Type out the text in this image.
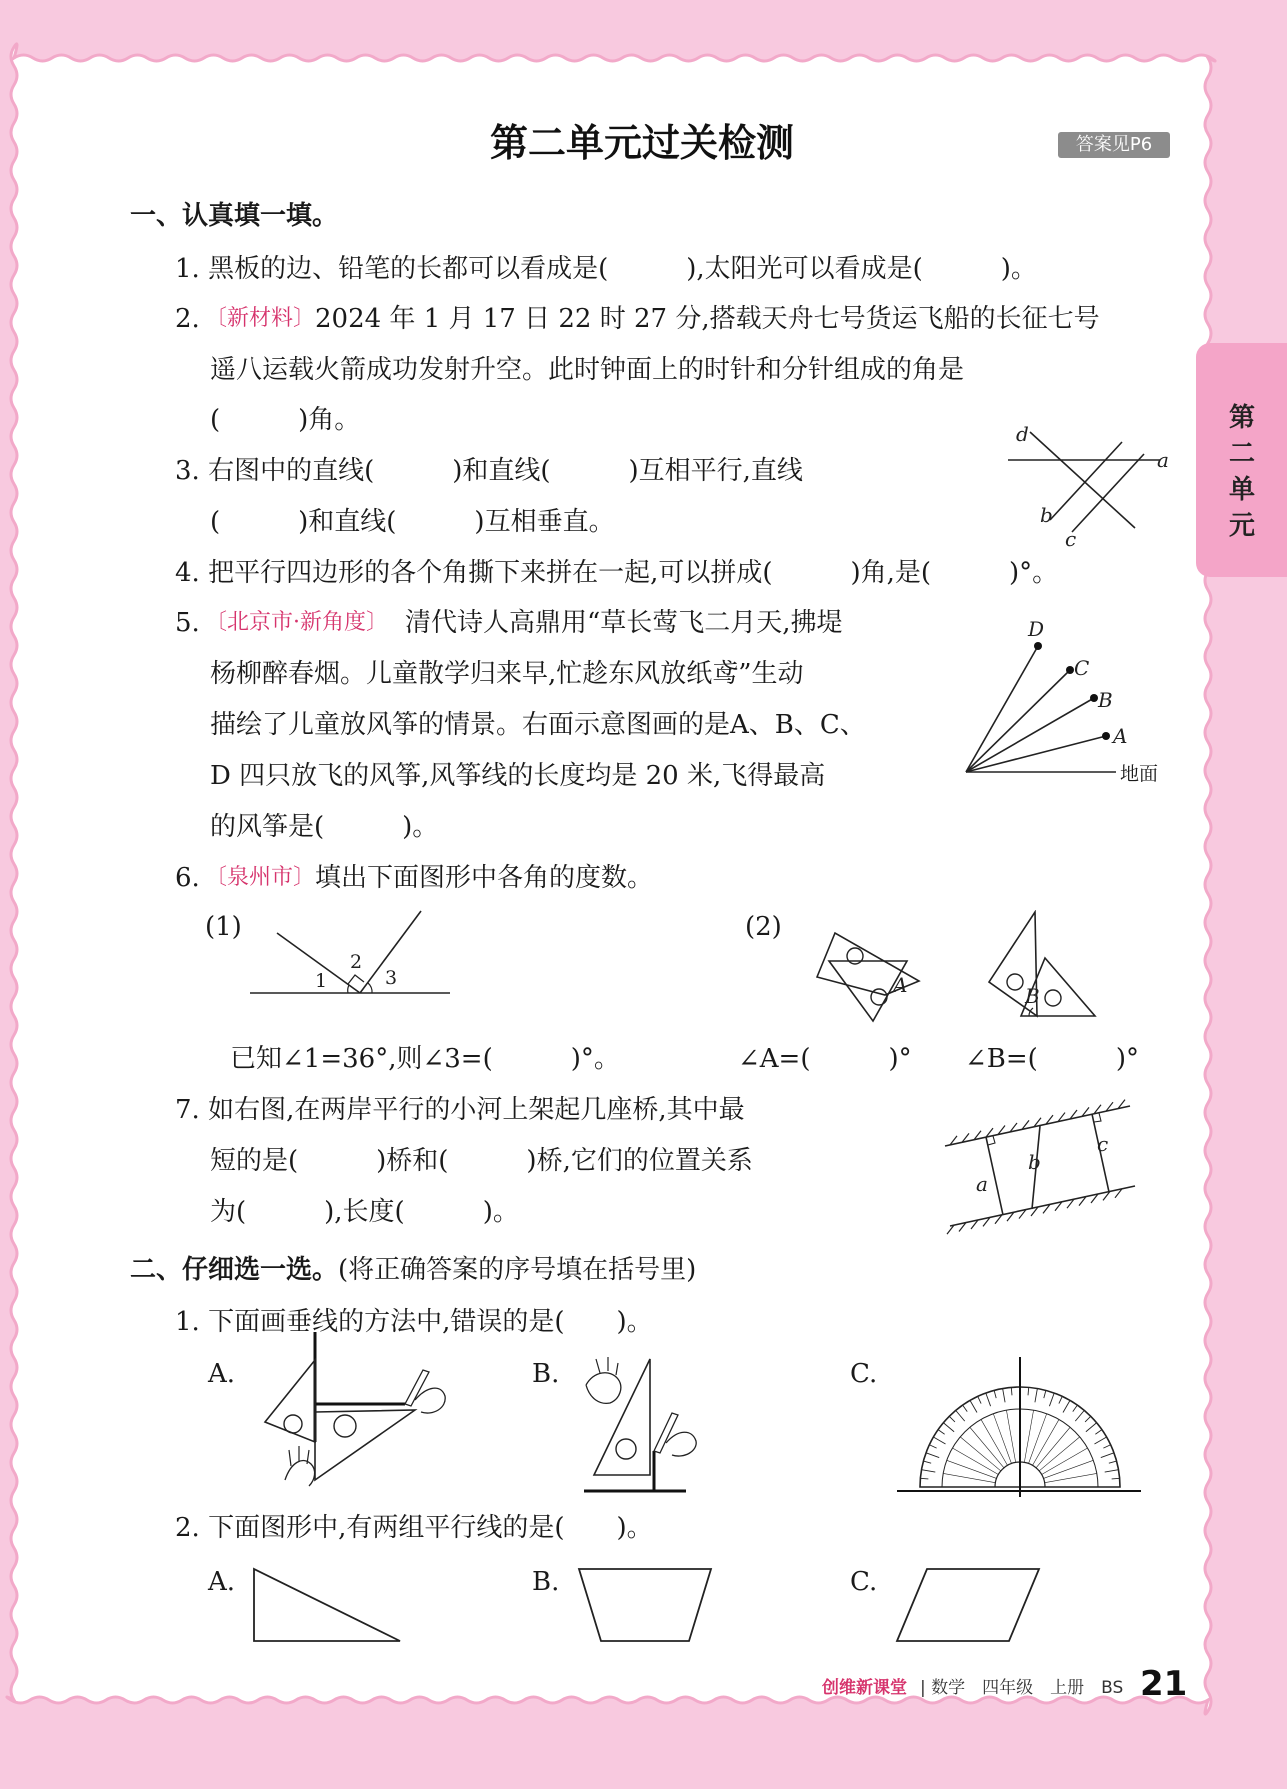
第二单元过关检测	答案见P6
第二单元
一、认真填一填。
1. 黑板的边、铅笔的长都可以看成是(　　　),太阳光可以看成是(　　　)。
2. 〔新材料〕 2024 年 1 月 17 日 22 时 27 分,搭载天舟七号货运飞船的长征七号
遥八运载火箭成功发射升空。此时钟面上的时针和分针组成的角是
(　　　)角。
3. 右图中的直线(　　　)和直线(　　　)互相平行,直线
(　　　)和直线(　　　)互相垂直。
d
a
b
c
4. 把平行四边形的各个角撕下来拼在一起,可以拼成(　　　)角,是(　　　)°。
5. 〔北京市·新角度〕 清代诗人高鼎用“草长莺飞二月天,拂堤
杨柳醉春烟。儿童散学归来早,忙趁东风放纸鸢”生动
描绘了儿童放风筝的情景。右面示意图画的是A、B、C、
D 四只放飞的风筝,风筝线的长度均是 20 米,飞得最高
的风筝是(　　　)。
D
C
B
A
地面
6. 〔泉州市〕 填出下面图形中各角的度数。
(1)	(2)
1
2
3	A	B
已知∠1=36°,则∠3=(　　　)°。	∠A=(　　　)° ∠B=(　　　)°
7. 如右图,在两岸平行的小河上架起几座桥,其中最
短的是(　　　)桥和(　　　)桥,它们的位置关系
为(　　　),长度(　　　)。
a
b
c
二、仔细选一选。 (将正确答案的序号填在括号里)
1. 下面画垂线的方法中,错误的是(　　)。
A.	B.	C.
2. 下面图形中,有两组平行线的是(　　)。
A.	B.	C.
创维新课堂 | 数学　四年级　上册　BS 21
